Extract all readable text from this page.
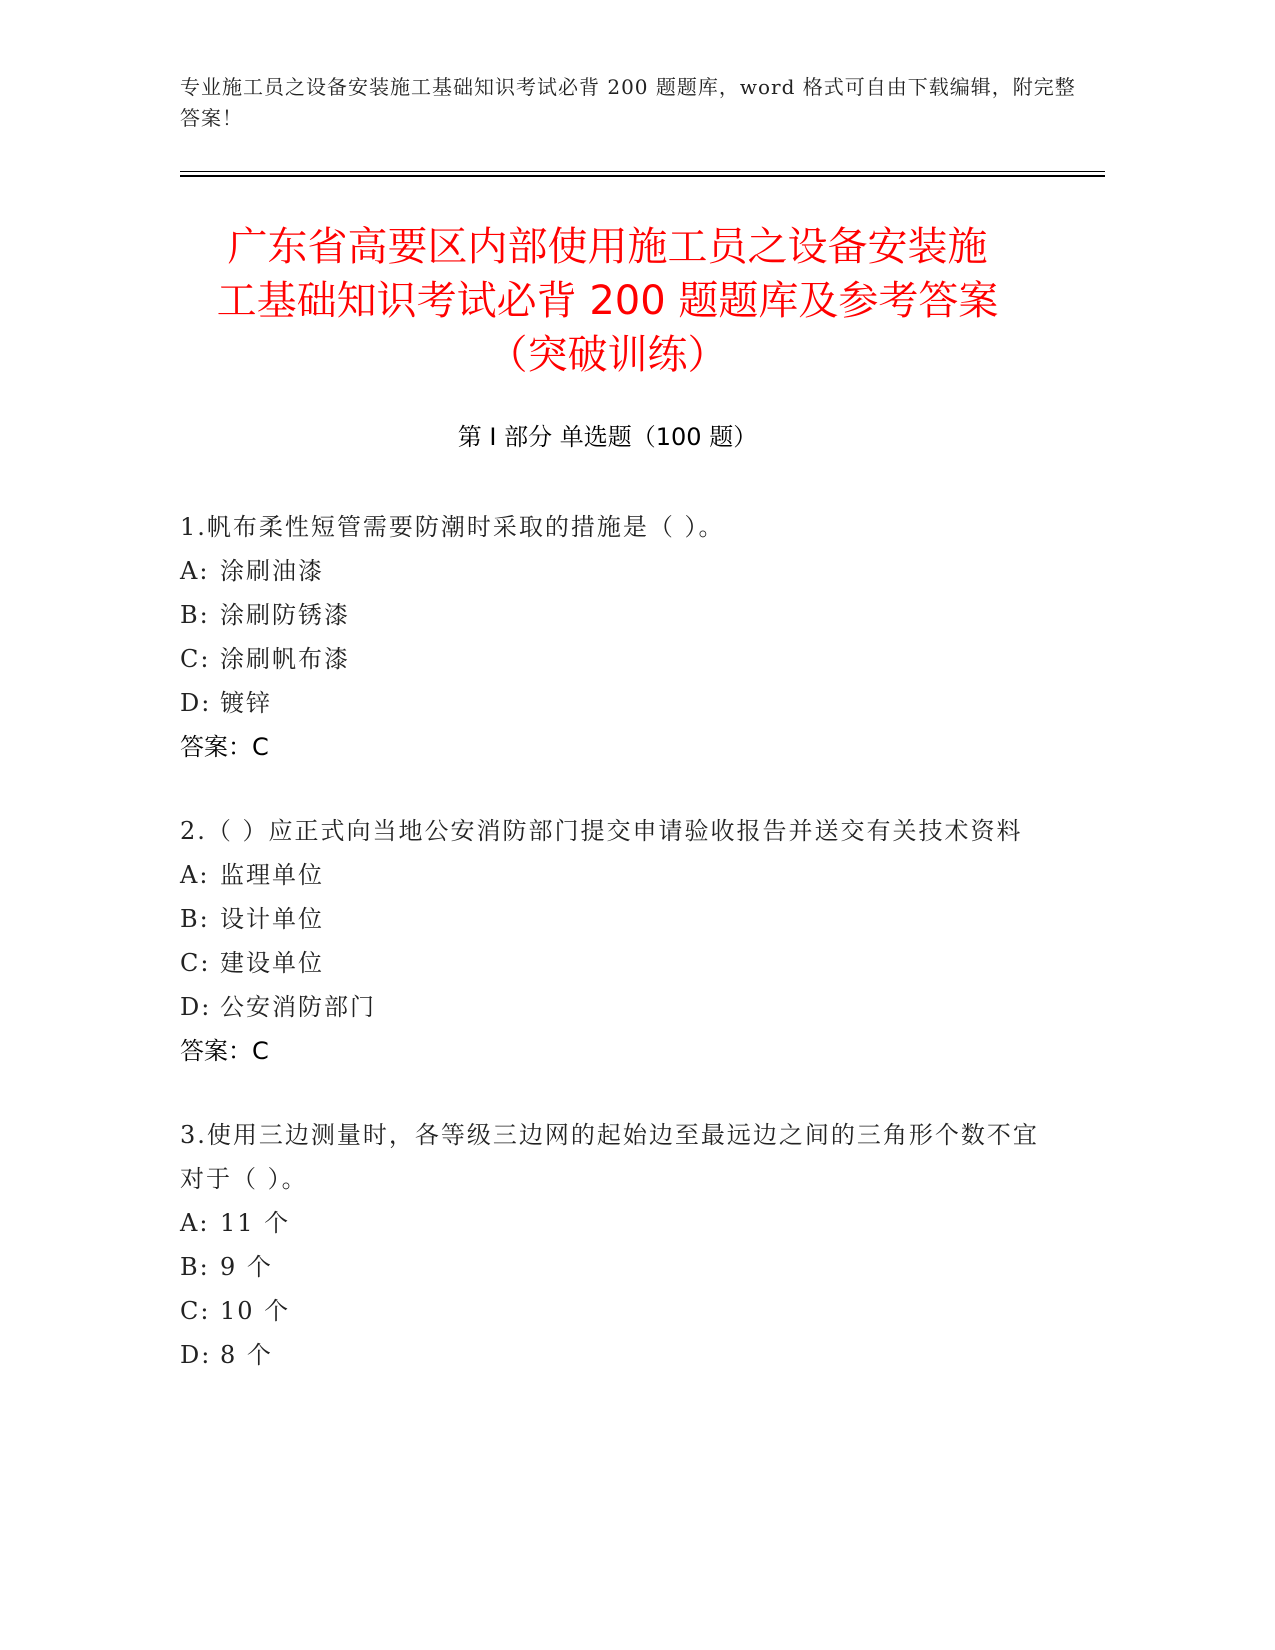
专业施工员之设备安装施工基础知识考试必背 200 题题库，word 格式可自由下载编辑，附完整答案！
广东省高要区内部使用施工员之设备安装施
工基础知识考试必背 200 题题库及参考答案
（突破训练）
第 I 部分 单选题（100 题）
1.帆布柔性短管需要防潮时采取的措施是（ ）。
A: 涂刷油漆
B: 涂刷防锈漆
C: 涂刷帆布漆
D: 镀锌
答案：C
2.（ ）应正式向当地公安消防部门提交申请验收报告并送交有关技术资料
A: 监理单位
B: 设计单位
C: 建设单位
D: 公安消防部门
答案：C
3.使用三边测量时，各等级三边网的起始边至最远边之间的三角形个数不宜对于（ ）。
A: 11 个
B: 9 个
C: 10 个
D: 8 个
